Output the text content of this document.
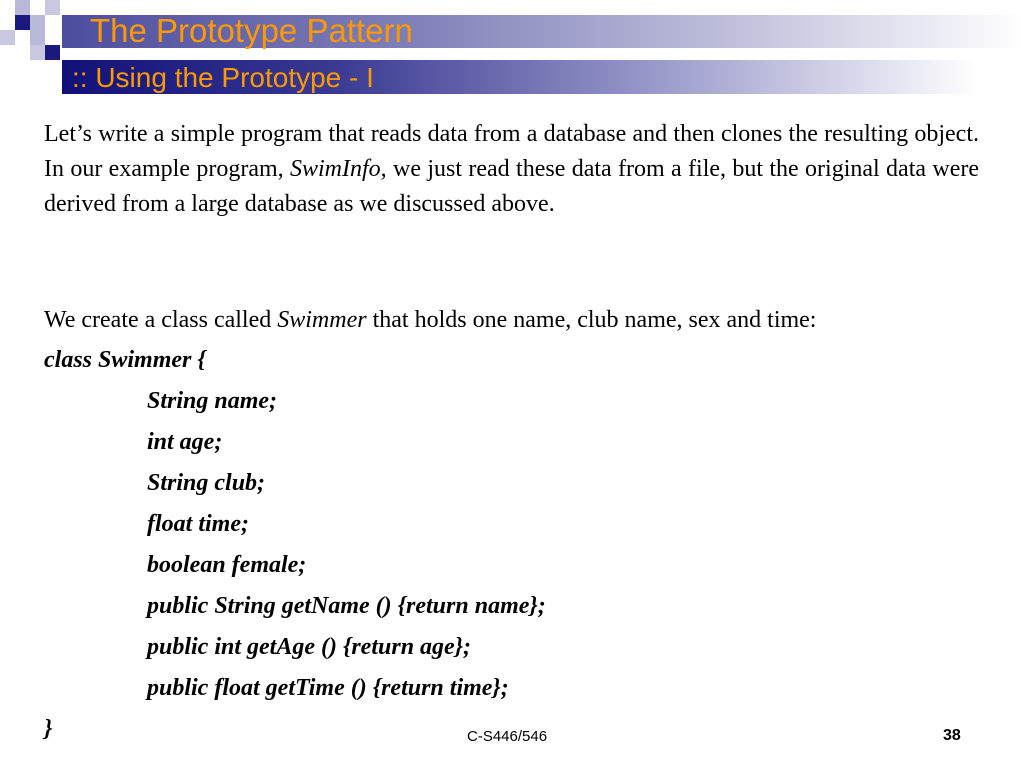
The Prototype Pattern
:: Using the Prototype - I

Let’s write a simple program that reads data from a database and then clones the resulting object. In our example program, SwimInfo, we just read these data from a file, but the original data were derived from a large database as we discussed above.

We create a class called Swimmer that holds one name, club name, sex and time:

class Swimmer {
String name;
int age;
String club;
float time;
boolean female;
public String getName () {return name};
public int getAge () {return age};
public float getTime () {return time};
}	C-S446/546	38
